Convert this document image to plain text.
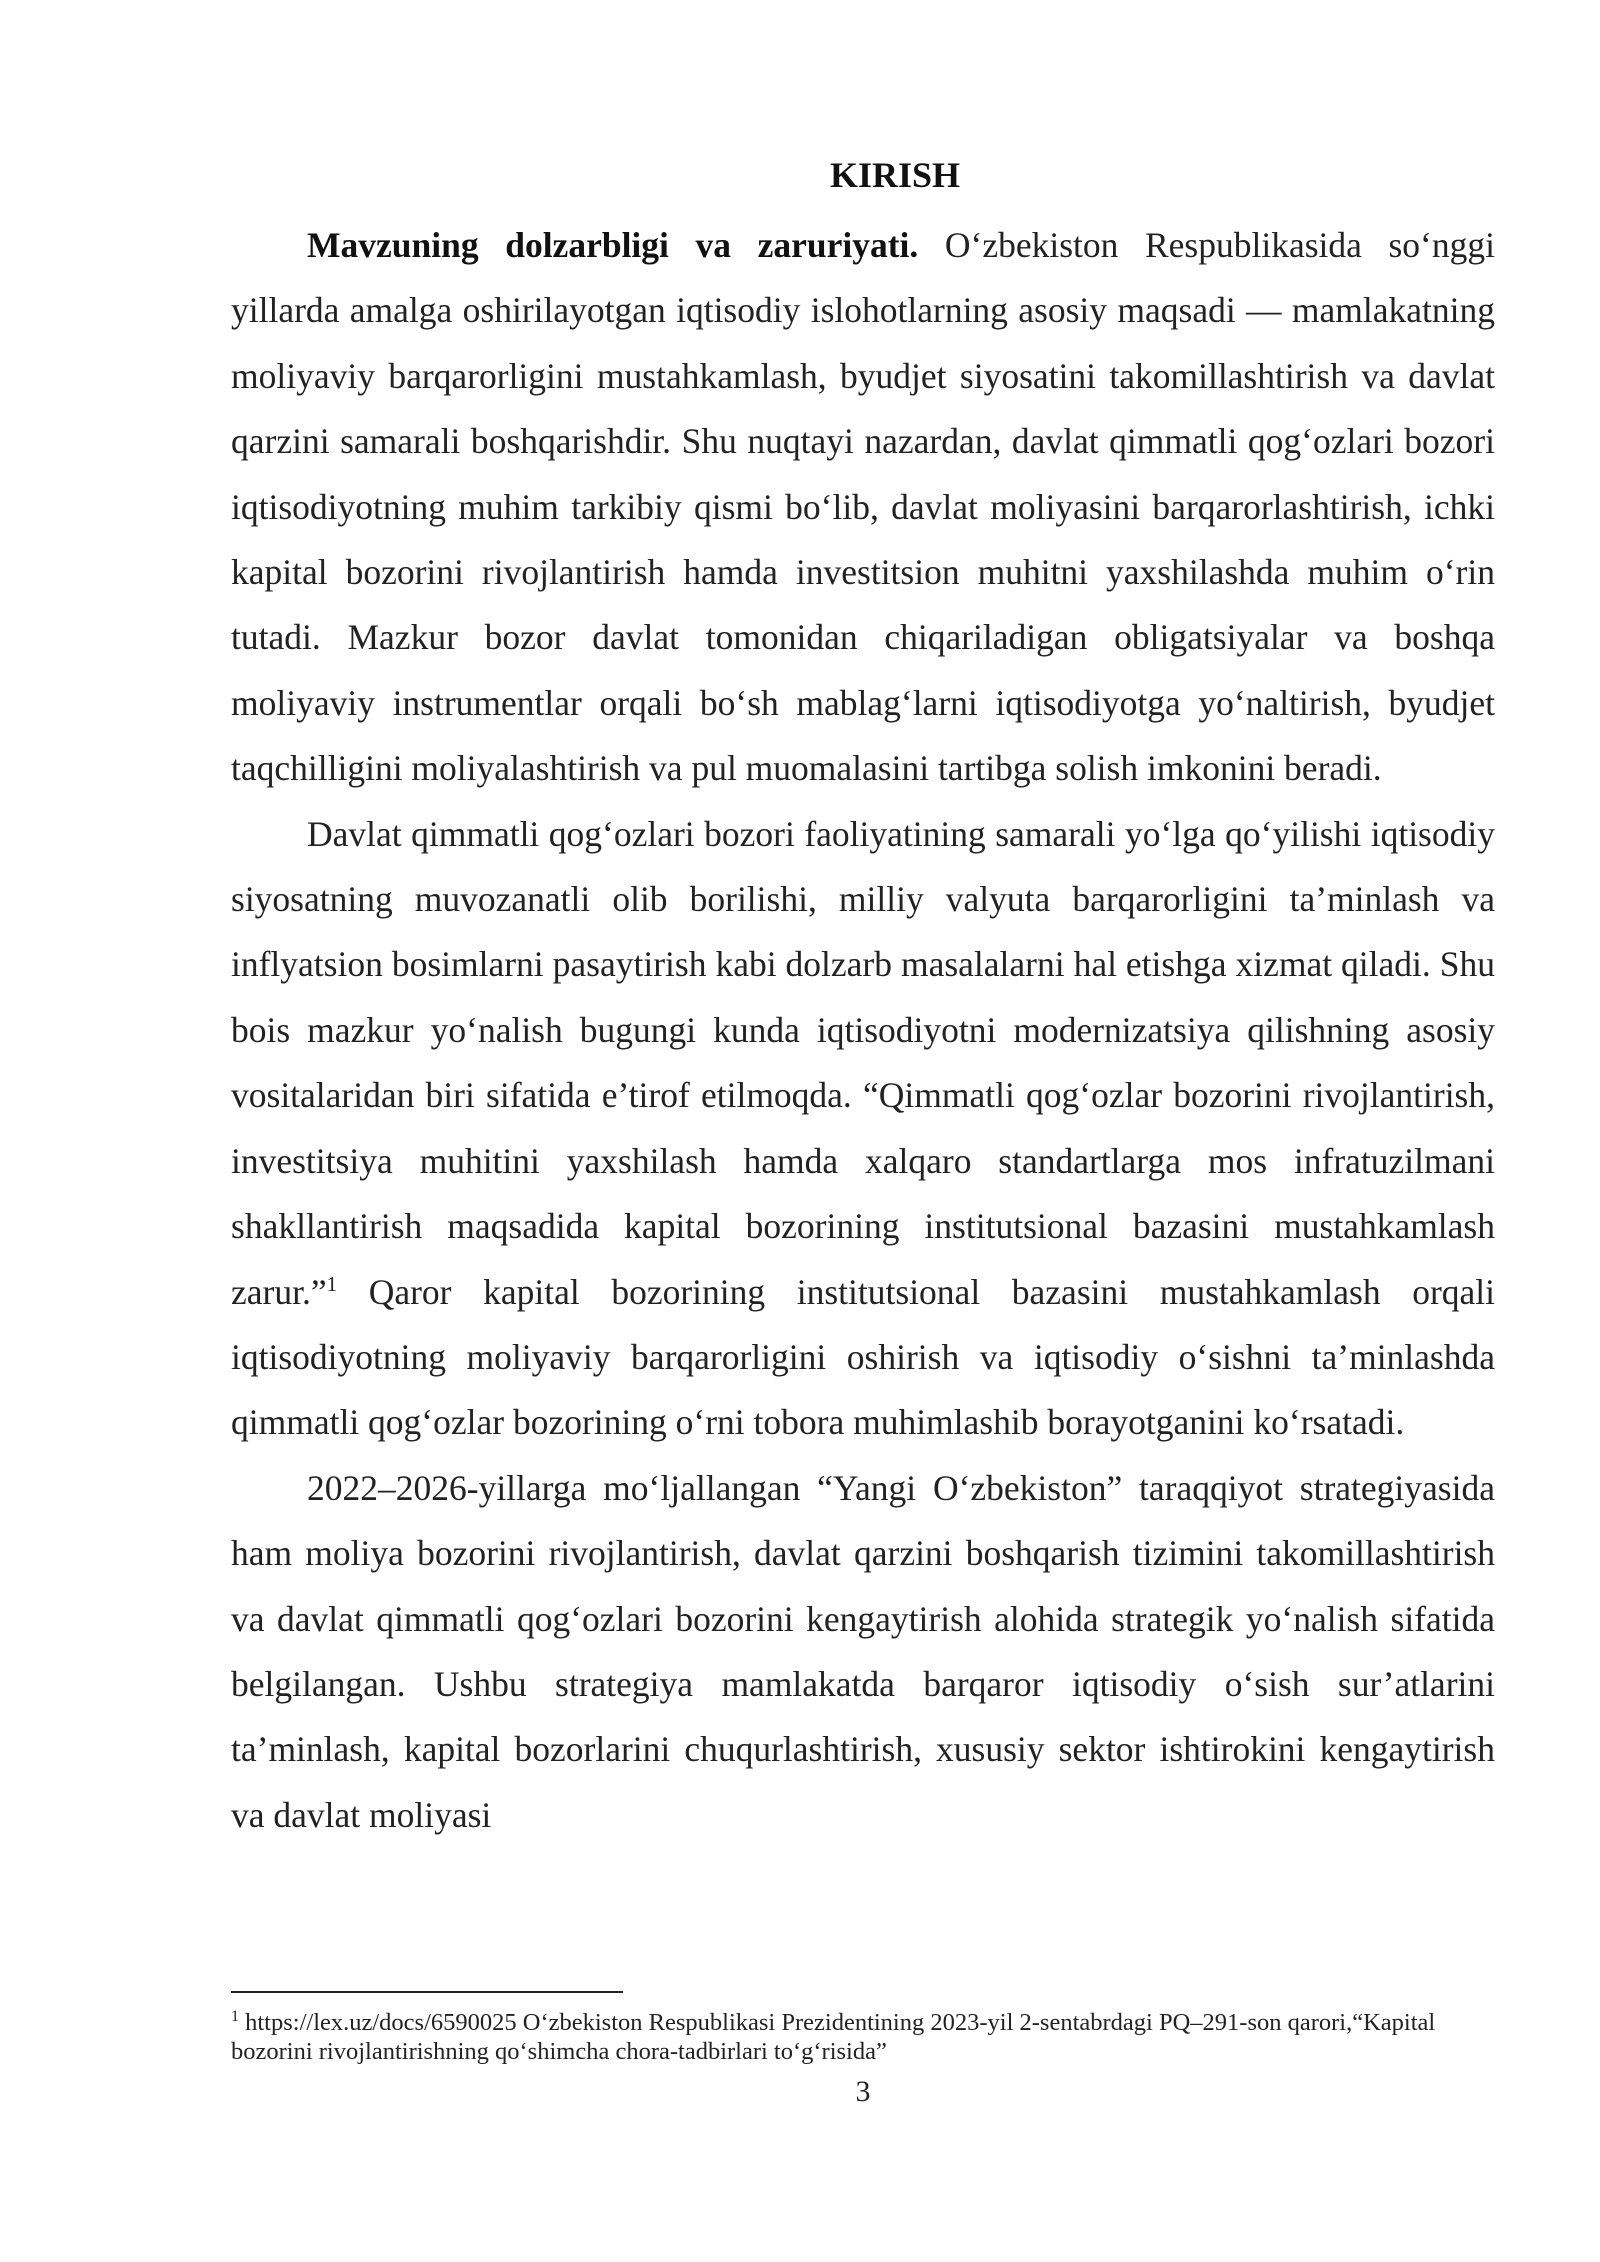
KIRISH

Mavzuning dolzarbligi va zaruriyati. O‘zbekiston Respublikasida so‘nggi yillarda amalga oshirilayotgan iqtisodiy islohotlarning asosiy maqsadi — mamlakatning moliyaviy barqarorligini mustahkamlash, byudjet siyosatini takomillashtirish va davlat qarzini samarali boshqarishdir. Shu nuqtayi nazardan, davlat qimmatli qog‘ozlari bozori iqtisodiyotning muhim tarkibiy qismi bo‘lib, davlat moliyasini barqarorlashtirish, ichki kapital bozorini rivojlantirish hamda investitsion muhitni yaxshilashda muhim o‘rin tutadi. Mazkur bozor davlat tomonidan chiqariladigan obligatsiyalar va boshqa moliyaviy instrumentlar orqali bo‘sh mablag‘larni iqtisodiyotga yo‘naltirish, byudjet taqchilligini moliyalashtirish va pul muomalasini tartibga solish imkonini beradi.

Davlat qimmatli qog‘ozlari bozori faoliyatining samarali yo‘lga qo‘yilishi iqtisodiy siyosatning muvozanatli olib borilishi, milliy valyuta barqarorligini ta’minlash va inflyatsion bosimlarni pasaytirish kabi dolzarb masalalarni hal etishga xizmat qiladi. Shu bois mazkur yo‘nalish bugungi kunda iqtisodiyotni modernizatsiya qilishning asosiy vositalaridan biri sifatida e’tirof etilmoqda. “Qimmatli qog‘ozlar bozorini rivojlantirish, investitsiya muhitini yaxshilash hamda xalqaro standartlarga mos infratuzilmani shakllantirish maqsadida kapital bozorining institutsional bazasini mustahkamlash zarur.”$^1$ Qaror kapital bozorining institutsional bazasini mustahkamlash orqali iqtisodiyotning moliyaviy barqarorligini oshirish va iqtisodiy o‘sishni ta’minlashda qimmatli qog‘ozlar bozorining o‘rni tobora muhimlashib borayotganini ko‘rsatadi.

2022–2026-yillarga mo‘ljallangan “Yangi O‘zbekiston” taraqqiyot strategiyasida ham moliya bozorini rivojlantirish, davlat qarzini boshqarish tizimini takomillashtirish va davlat qimmatli qog‘ozlari bozorini kengaytirish alohida strategik yo‘nalish sifatida belgilangan. Ushbu strategiya mamlakatda barqaror iqtisodiy o‘sish sur’atlarini ta’minlash, kapital bozorlarini chuqurlashtirish, xususiy sektor ishtirokini kengaytirish va davlat moliyasi

$^1$ https://lex.uz/docs/6590025 O‘zbekiston Respublikasi Prezidentining 2023-yil 2-sentabrdagi PQ–291-son qarori,“Kapital bozorini rivojlantirishning qo‘shimcha chora-tadbirlari to‘g‘risida”

3
